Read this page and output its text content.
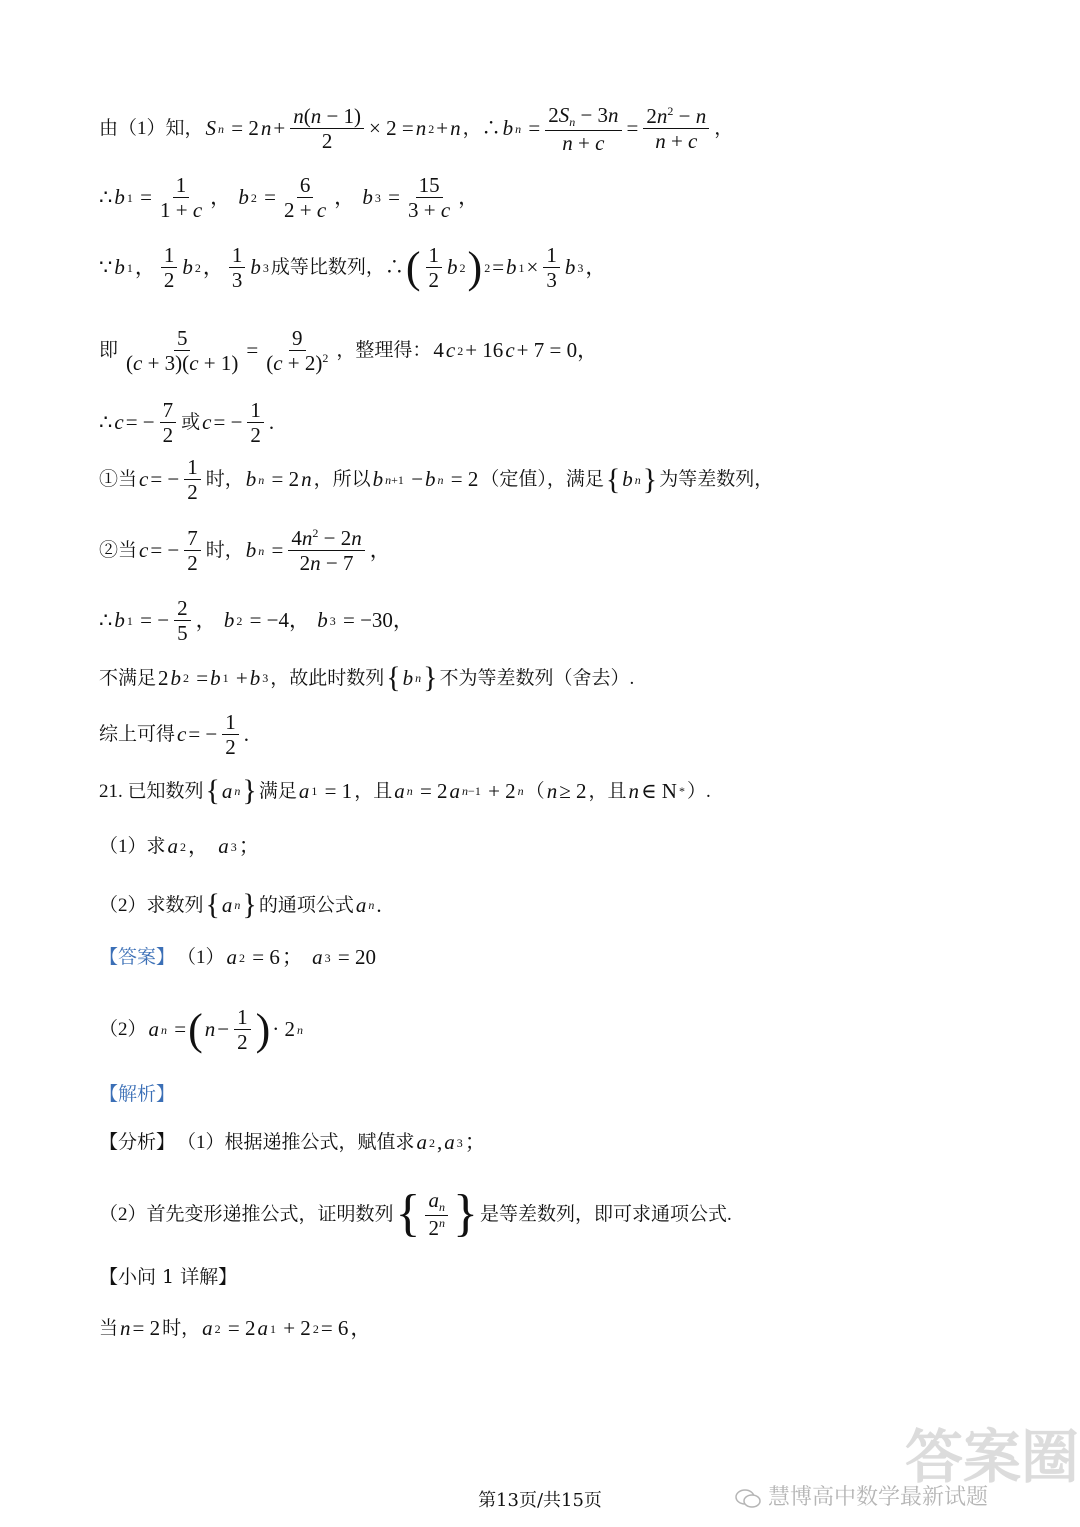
由（1）知， S n = 2 $n + \frac{n(n - 1)}{2} \times 2 = n$ 2 + n ，∴ b $n = \frac{2S_n - 3n}{n + c} = \frac{2n^2 - n}{n + c}$ ，
∴ b $1 = \frac{1}{1 + c}$ ， b $2 = \frac{6}{2 + c}$ ， b $3 = \frac{15}{3 + c}$ ，
∵ b 1 ， $\frac{1}{2}$ b 2 ， $\frac{1}{3}$ b 3 成等比数列，∴ ( $\frac{1}{2}$ b 2 ) 2 = b $1 \times \frac{1}{3}$ b 3 ，
即 $\frac{5}{(c + 3)(c + 1)} = \frac{9}{(c + 2)^2}$ ，整理得： 4 c 2 + 16 c + 7 = 0，
∴ c = − $\frac{7}{2}$ 或 c = − $\frac{1}{2}$ .
①当 c = − $\frac{1}{2}$ 时， b n = 2 n ，所以 b n+1 − b n = 2 （定值），满足 { b n } 为等差数列，
②当 c = − $\frac{7}{2}$ 时， b $n = \frac{4n^2 - 2n}{2n - 7}$ ，
∴ b 1 = − $\frac{2}{5}$ ， b 2 = −4， b 3 = −30，
不满足 2 b 2 = b 1 + b 3 ，故此时数列 { b n } 不为等差数列（舍去）.
综上可得 c = − $\frac{1}{2}$ .
21. 已知数列 { a n } 满足 a 1 = 1 ，且 a n = 2 a n−1 + 2 n （ n ≥ 2 ，且 n ∈ N * ）.
（1）求 a 2 ，
a 3 ；
（2）求数列 { a n } 的通项公式 a n .
【答案】 （1） a 2 = 6 ；
a 3 = 20
（2） a n = ( $n - \frac{1}{2}$ ) · 2 n
【解析】
【分析】 （1）根据递推公式，赋值求 a 2 , a 3 ；
（2）首先变形递推公式，证明数列 { $\frac{a_n}{2^n}$ } 是等差数列，即可求通项公式.
【小问 1 详解】
当 n = 2 时， a 2 = 2 a 1 + 2 2 = 6 ，
答案圈
慧博高中数学最新试题
第13页/共15页
